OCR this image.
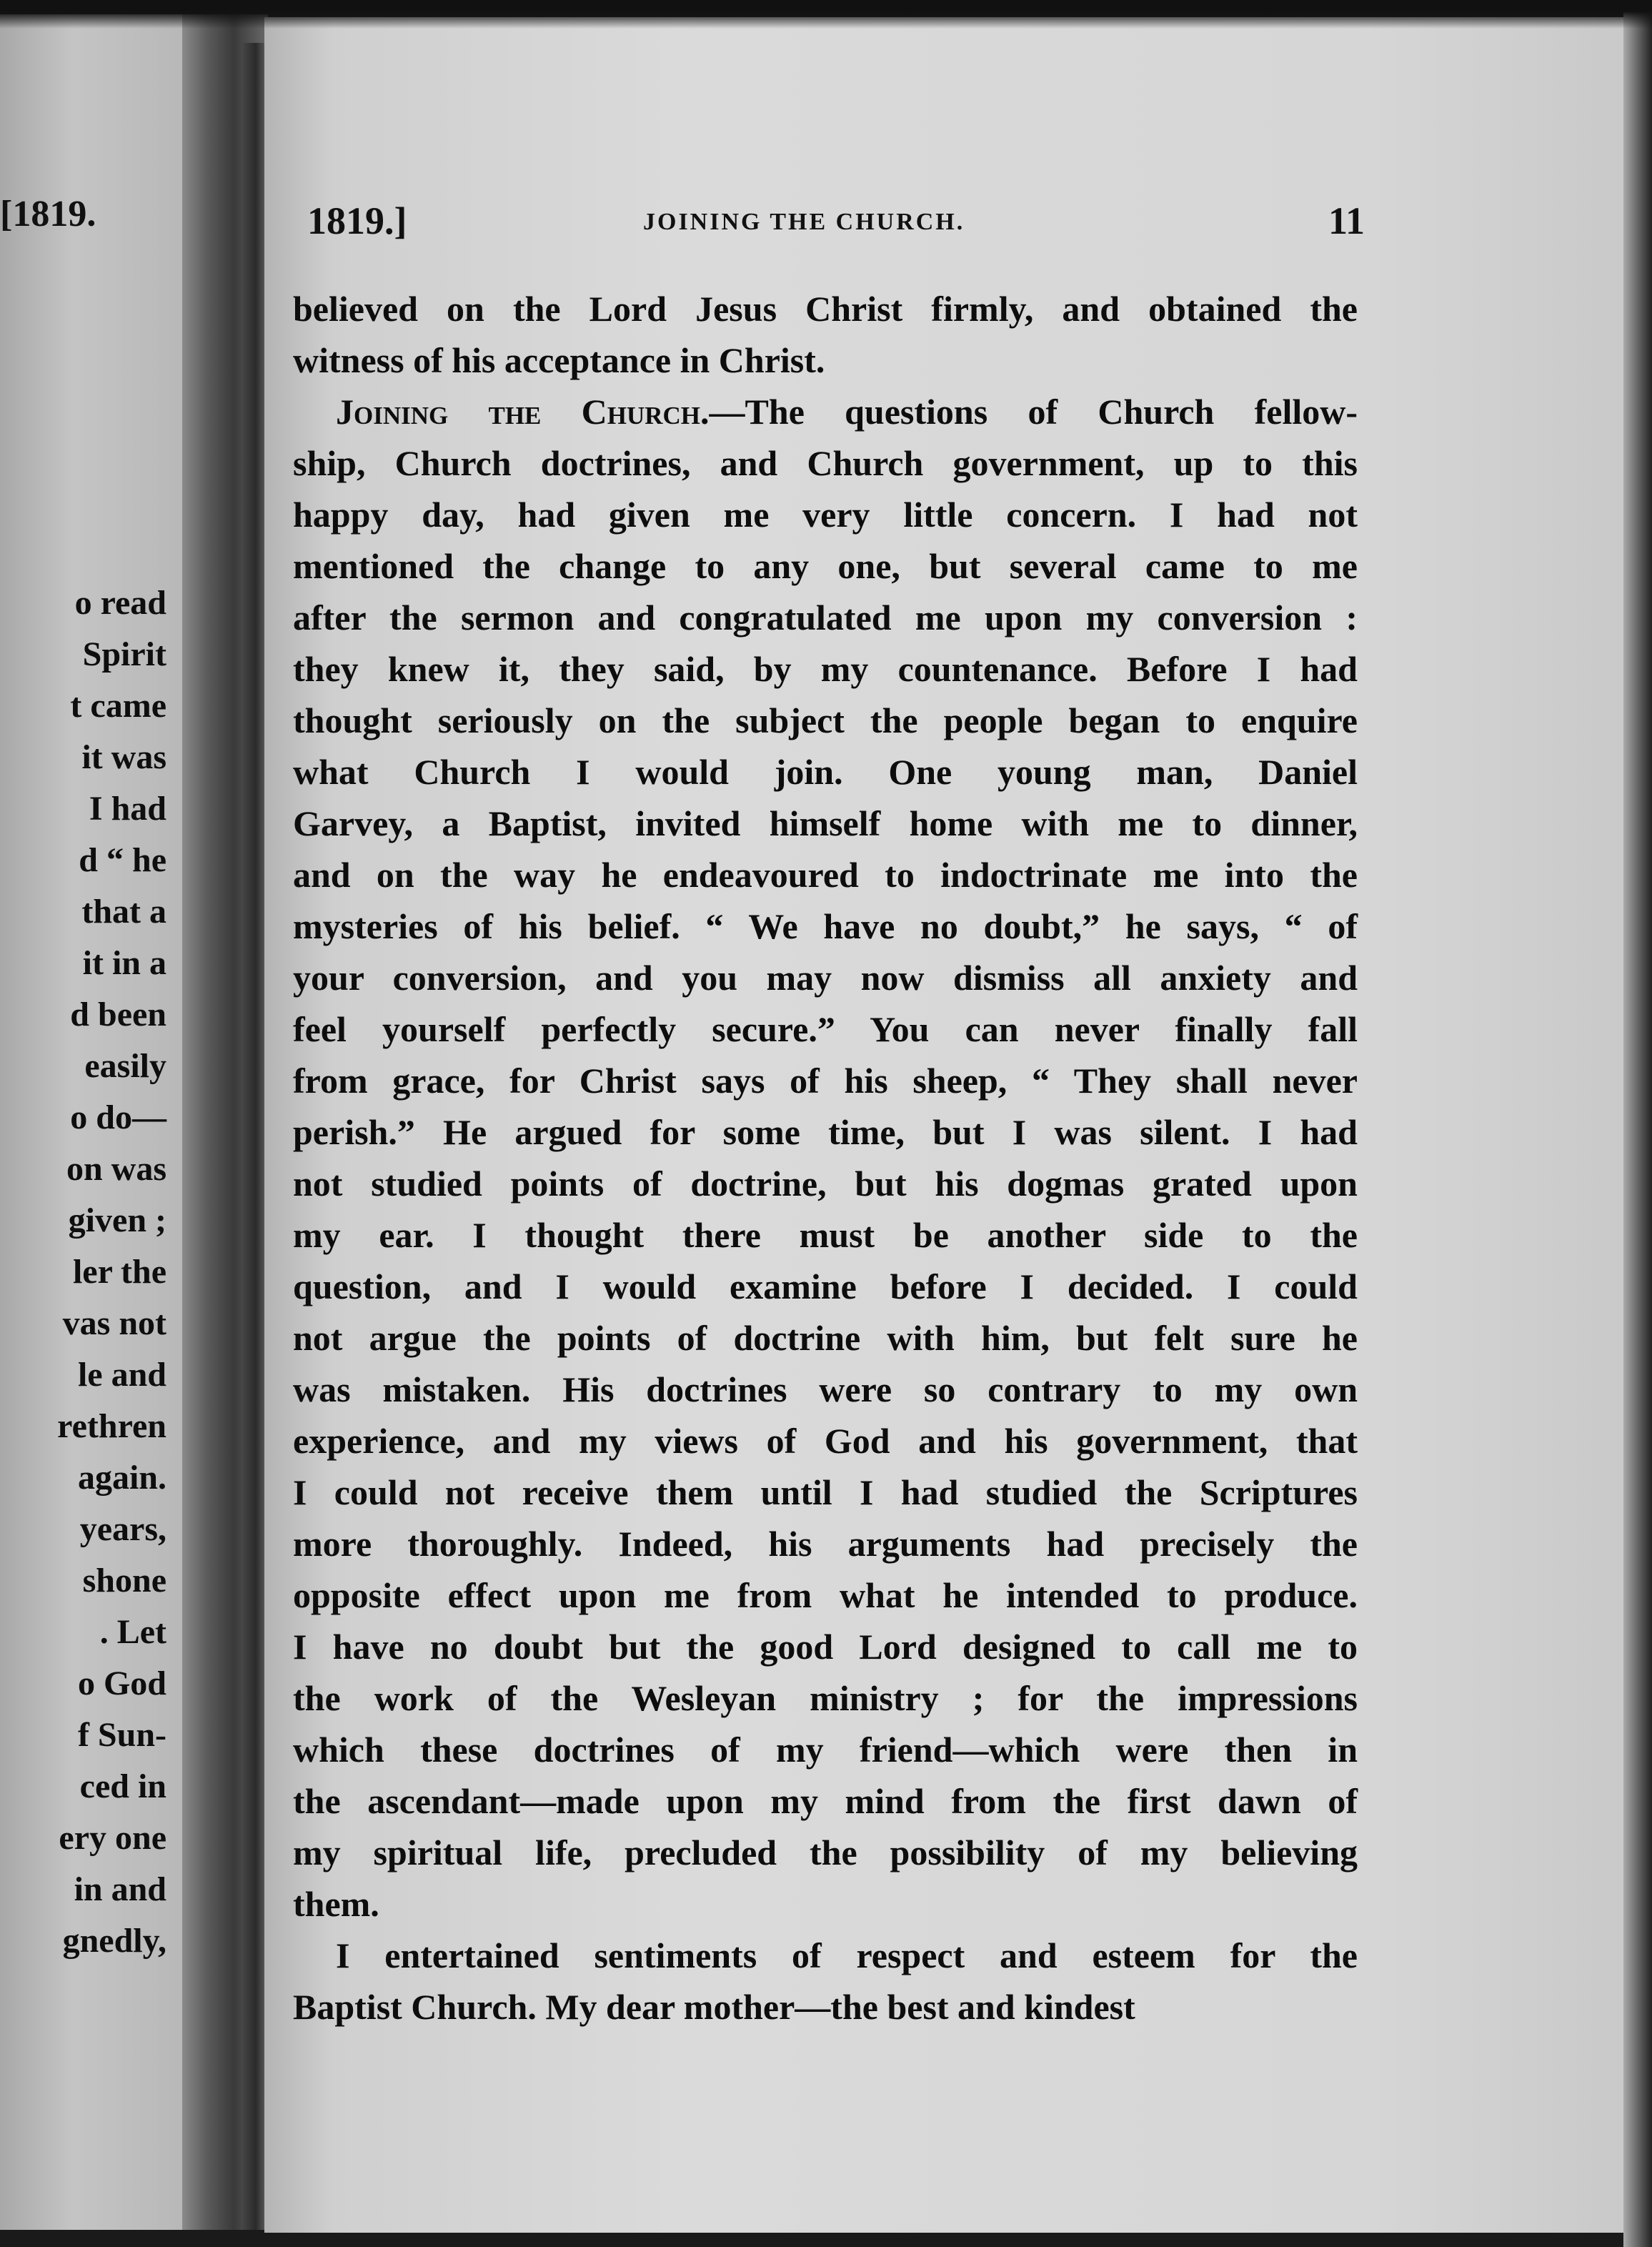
[1819.
o read
Spirit
t came
it was
I had
d “ he
that a
it in a
d been
easily
o do—
on was
given ;
ler the
vas not
le and
rethren
again.
years,
shone
. Let
o God
f Sun-
ced in
ery one
in and
gnedly,
1819.]	JOINING THE CHURCH.	11
believed on the Lord Jesus Christ firmly, and obtained the
witness of his acceptance in Christ.
Joining the Church.—The questions of Church fellow-
ship, Church doctrines, and Church government, up to this
happy day, had given me very little concern. I had not
mentioned the change to any one, but several came to me
after the sermon and congratulated me upon my conversion :
they knew it, they said, by my countenance. Before I had
thought seriously on the subject the people began to enquire
what Church I would join. One young man, Daniel
Garvey, a Baptist, invited himself home with me to dinner,
and on the way he endeavoured to indoctrinate me into the
mysteries of his belief. “ We have no doubt,” he says, “ of
your conversion, and you may now dismiss all anxiety and
feel yourself perfectly secure.” You can never finally fall
from grace, for Christ says of his sheep, “ They shall never
perish.” He argued for some time, but I was silent. I had
not studied points of doctrine, but his dogmas grated upon
my ear. I thought there must be another side to the
question, and I would examine before I decided. I could
not argue the points of doctrine with him, but felt sure he
was mistaken. His doctrines were so contrary to my own
experience, and my views of God and his government, that
I could not receive them until I had studied the Scriptures
more thoroughly. Indeed, his arguments had precisely the
opposite effect upon me from what he intended to produce.
I have no doubt but the good Lord designed to call me to
the work of the Wesleyan ministry ; for the impressions
which these doctrines of my friend—which were then in
the ascendant—made upon my mind from the first dawn of
my spiritual life, precluded the possibility of my believing
them.
I entertained sentiments of respect and esteem for the
Baptist Church. My dear mother—the best and kindest
